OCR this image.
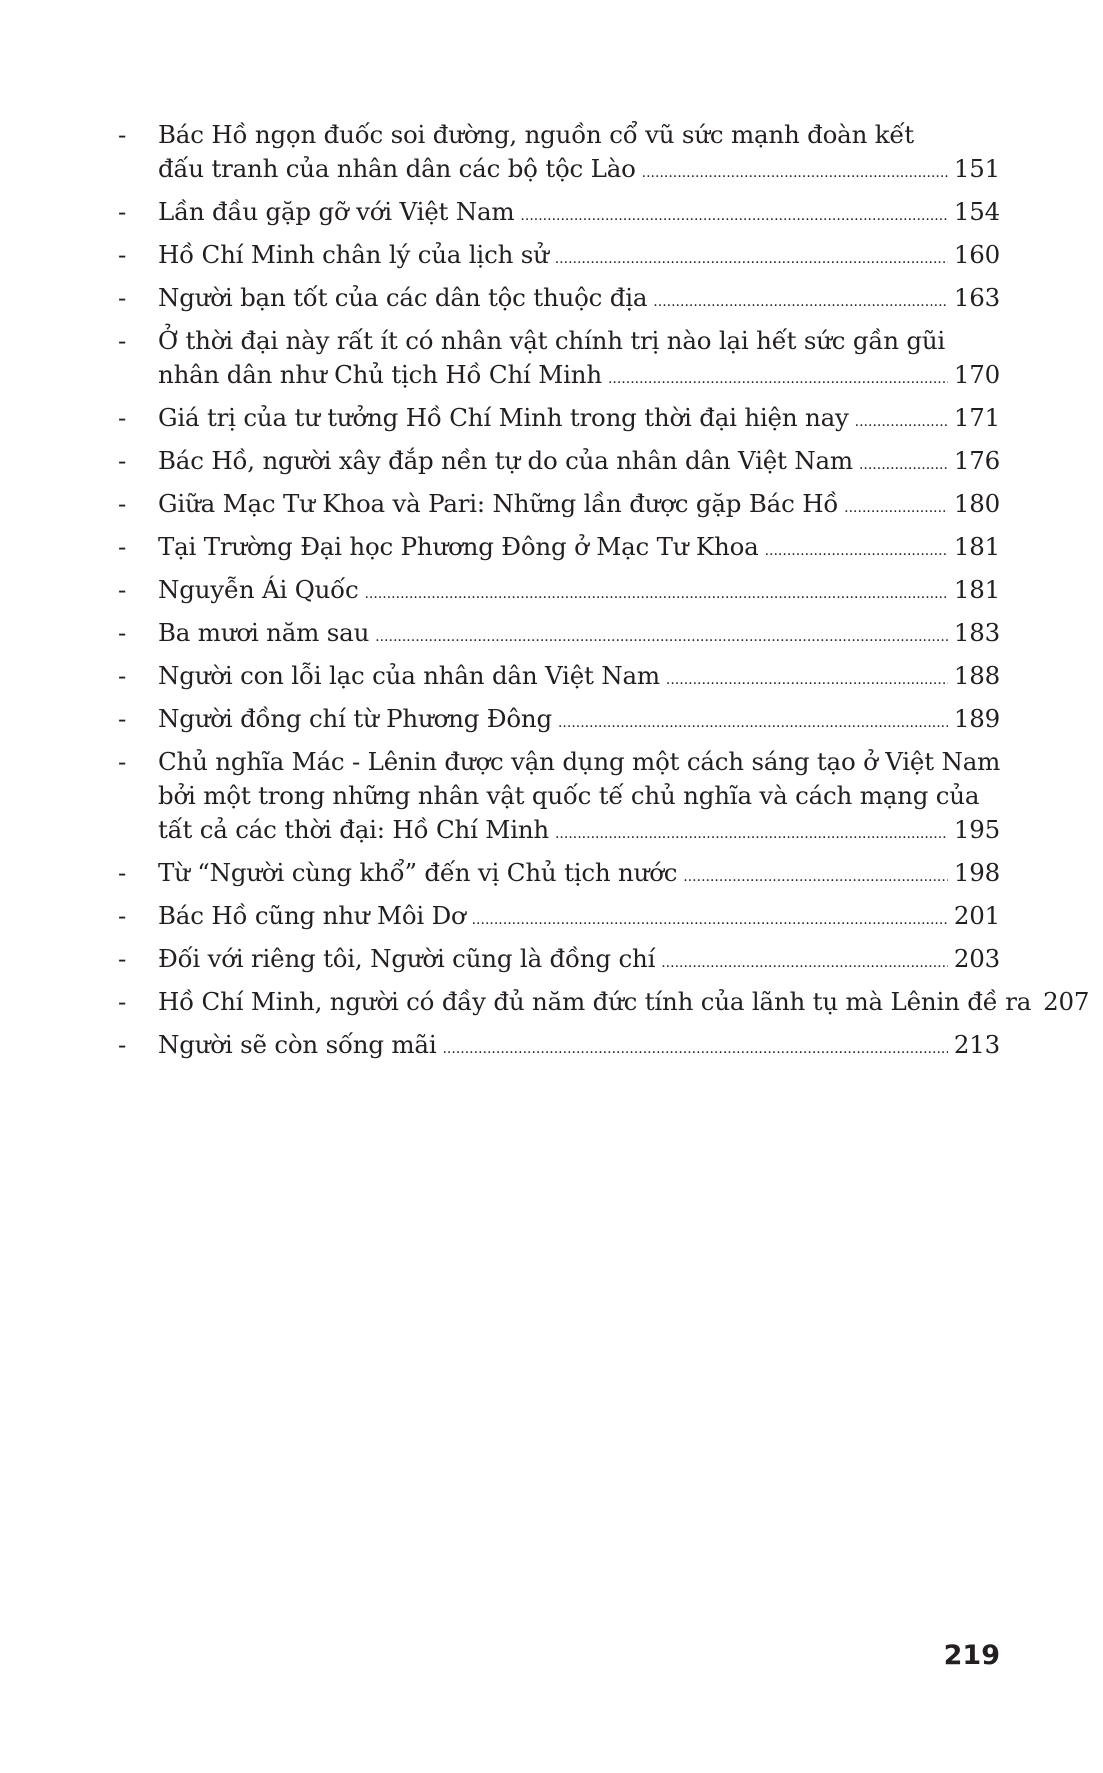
-	Bác Hồ ngọn đuốc soi đường, nguồn cổ vũ sức mạnh đoàn kết
đấu tranh của nhân dân các bộ tộc Lào .....	151
-	Lần đầu gặp gỡ với Việt Nam .....	154
-	Hồ Chí Minh chân lý của lịch sử .....	160
-	Người bạn tốt của các dân tộc thuộc địa .....	163
-	Ở thời đại này rất ít có nhân vật chính trị nào lại hết sức gần gũi
nhân dân như Chủ tịch Hồ Chí Minh .....	170
-	Giá trị của tư tưởng Hồ Chí Minh trong thời đại hiện nay .....	171
-	Bác Hồ, người xây đắp nền tự do của nhân dân Việt Nam .....	176
-	Giữa Mạc Tư Khoa và Pari: Những lần được gặp Bác Hồ .....	180
-	Tại Trường Đại học Phương Đông ở Mạc Tư Khoa .....	181
-	Nguyễn Ái Quốc .....	181
-	Ba mươi năm sau .....	183
-	Người con lỗi lạc của nhân dân Việt Nam .....	188
-	Người đồng chí từ Phương Đông .....	189
-	Chủ nghĩa Mác - Lênin được vận dụng một cách sáng tạo ở Việt Nam
bởi một trong những nhân vật quốc tế chủ nghĩa và cách mạng của
tất cả các thời đại: Hồ Chí Minh .....	195
-	Từ “Người cùng khổ” đến vị Chủ tịch nước .....	198
-	Bác Hồ cũng như Môi Dơ .....	201
-	Đối với riêng tôi, Người cũng là đồng chí .....	203
-	Hồ Chí Minh, người có đầy đủ năm đức tính của lãnh tụ mà Lênin đề ra 207
-	Người sẽ còn sống mãi .....	213
219
